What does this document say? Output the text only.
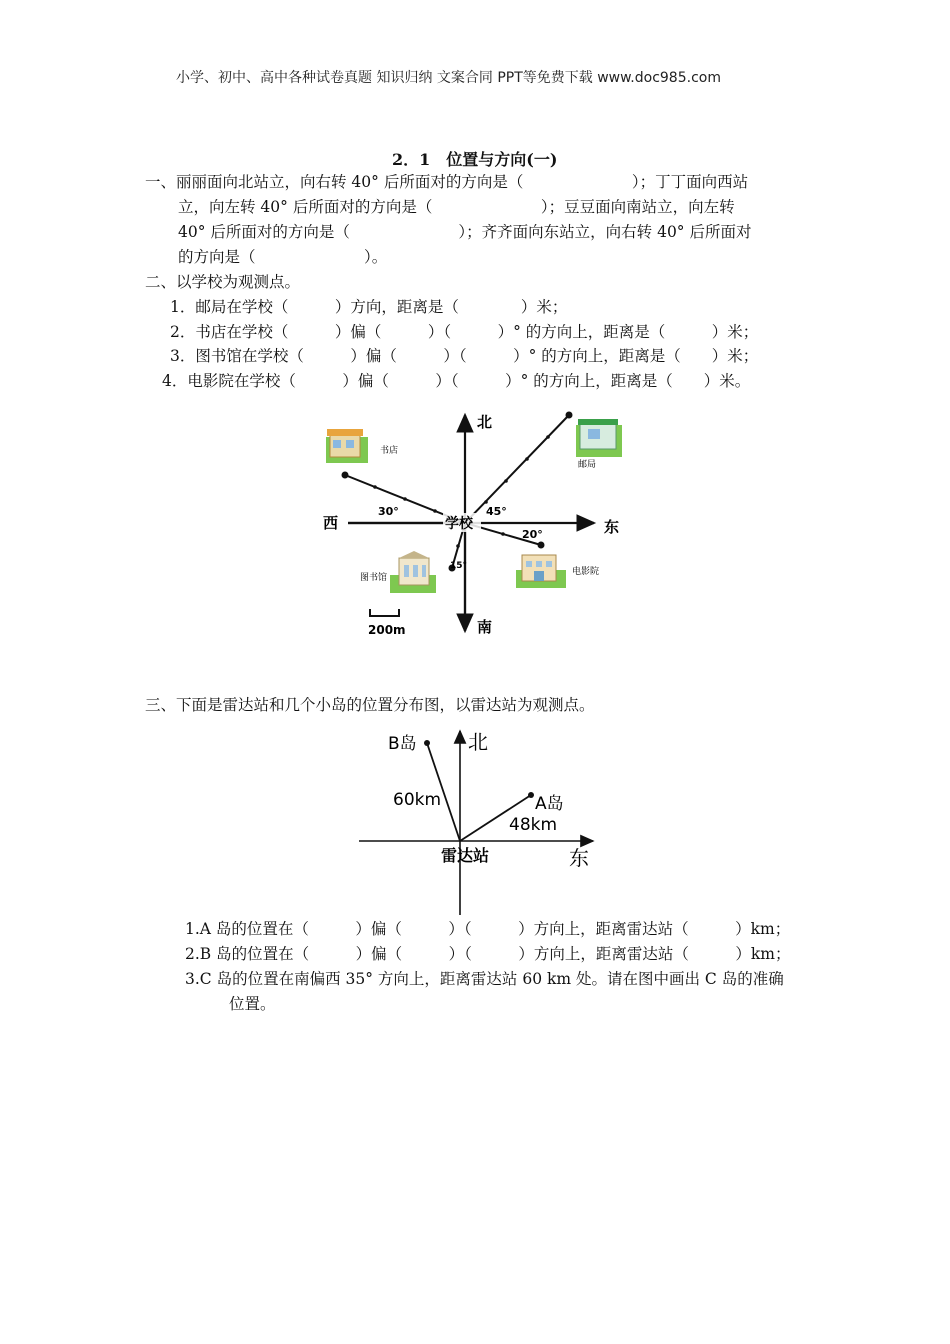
小学、初中、高中各种试卷真题 知识归纳 文案合同 PPT等免费下载 www.doc985.com
2．1　位置与方向(一)
一、丽丽面向北站立，向右转 40° 后所面对的方向是（　　　　　　　）；丁丁面向西站
立，向左转 40° 后所面对的方向是（　　　　　　　）；豆豆面向南站立，向左转
40° 后所面对的方向是（　　　　　　　）；齐齐面向东站立，向右转 40° 后所面对
的方向是（　　　　　　　）。
二、以学校为观测点。
1．邮局在学校（　　　）方向，距离是（　　　　）米；
2．书店在学校（　　　）偏（　　　）（　　　）° 的方向上，距离是（　　　）米；
3．图书馆在学校（　　　）偏（　　　）（　　　）° 的方向上，距离是（　　）米；
4．电影院在学校（　　　）偏（　　　）（　　　）° 的方向上，距离是（　　）米。
北
南
东
西	学校
30°	45°
20°
15°
书店
邮局
图书馆
电影院
200m
三、下面是雷达站和几个小岛的位置分布图，以雷达站为观测点。
北
东
雷达站
B岛
A岛
60km
48km
1.A 岛的位置在（　　　）偏（　　　）（　　　）方向上，距离雷达站（　　　）km；
2.B 岛的位置在（　　　）偏（　　　）（　　　）方向上，距离雷达站（　　　）km；
3.C 岛的位置在南偏西 35° 方向上，距离雷达站 60 km 处。请在图中画出 C 岛的准确
位置。
